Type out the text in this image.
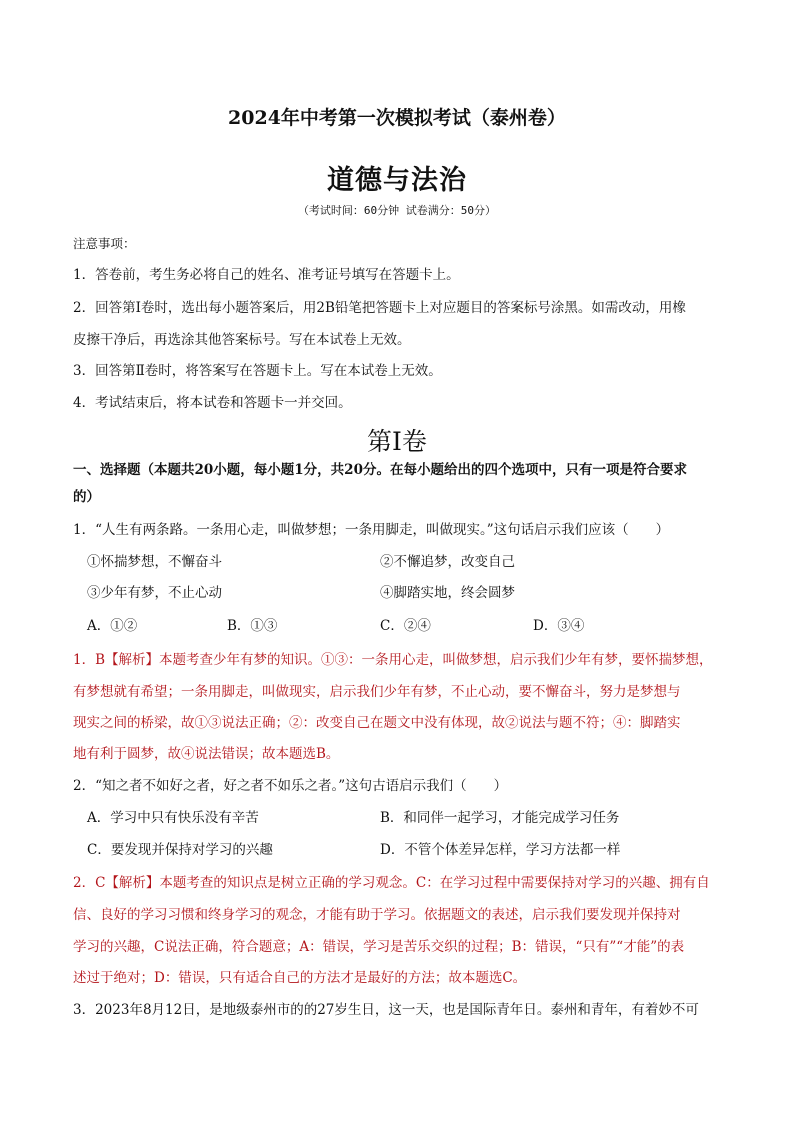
2024年中考第一次模拟考试（泰州卷）
道德与法治
（考试时间：60分钟 试卷满分：50分）
注意事项：
1．答卷前，考生务必将自己的姓名、准考证号填写在答题卡上。
2．回答第Ⅰ卷时，选出每小题答案后，用2B铅笔把答题卡上对应题目的答案标号涂黑。如需改动，用橡
皮擦干净后，再选涂其他答案标号。写在本试卷上无效。
3．回答第Ⅱ卷时，将答案写在答题卡上。写在本试卷上无效。
4．考试结束后，将本试卷和答题卡一并交回。
第Ⅰ卷
一、选择题（本题共20小题，每小题1分，共20分。在每小题给出的四个选项中，只有一项是符合要求
的）
1．“人生有两条路。一条用心走，叫做梦想；一条用脚走，叫做现实。”这句话启示我们应该（　　）
①怀揣梦想，不懈奋斗	②不懈追梦，改变自己
③少年有梦，不止心动	④脚踏实地，终会圆梦
A．①②	B．①③	C．②④	D．③④
1．B【解析】本题考查少年有梦的知识。①③：一条用心走，叫做梦想，启示我们少年有梦，要怀揣梦想，
有梦想就有希望；一条用脚走，叫做现实，启示我们少年有梦，不止心动，要不懈奋斗，努力是梦想与
现实之间的桥梁，故①③说法正确；②：改变自己在题文中没有体现，故②说法与题不符；④：脚踏实
地有利于圆梦，故④说法错误；故本题选B。
2．“知之者不如好之者，好之者不如乐之者。”这句古语启示我们（　　）
A．学习中只有快乐没有辛苦	B．和同伴一起学习，才能完成学习任务
C．要发现并保持对学习的兴趣	D．不管个体差异怎样，学习方法都一样
2．C【解析】本题考查的知识点是树立正确的学习观念。C：在学习过程中需要保持对学习的兴趣、拥有自
信、良好的学习习惯和终身学习的观念，才能有助于学习。依据题文的表述，启示我们要发现并保持对
学习的兴趣，C说法正确，符合题意；A：错误，学习是苦乐交织的过程；B：错误，“只有”“才能”的表
述过于绝对；D：错误，只有适合自己的方法才是最好的方法；故本题选C。
3．2023年8月12日，是地级泰州市的的27岁生日，这一天，也是国际青年日。泰州和青年，有着妙不可
